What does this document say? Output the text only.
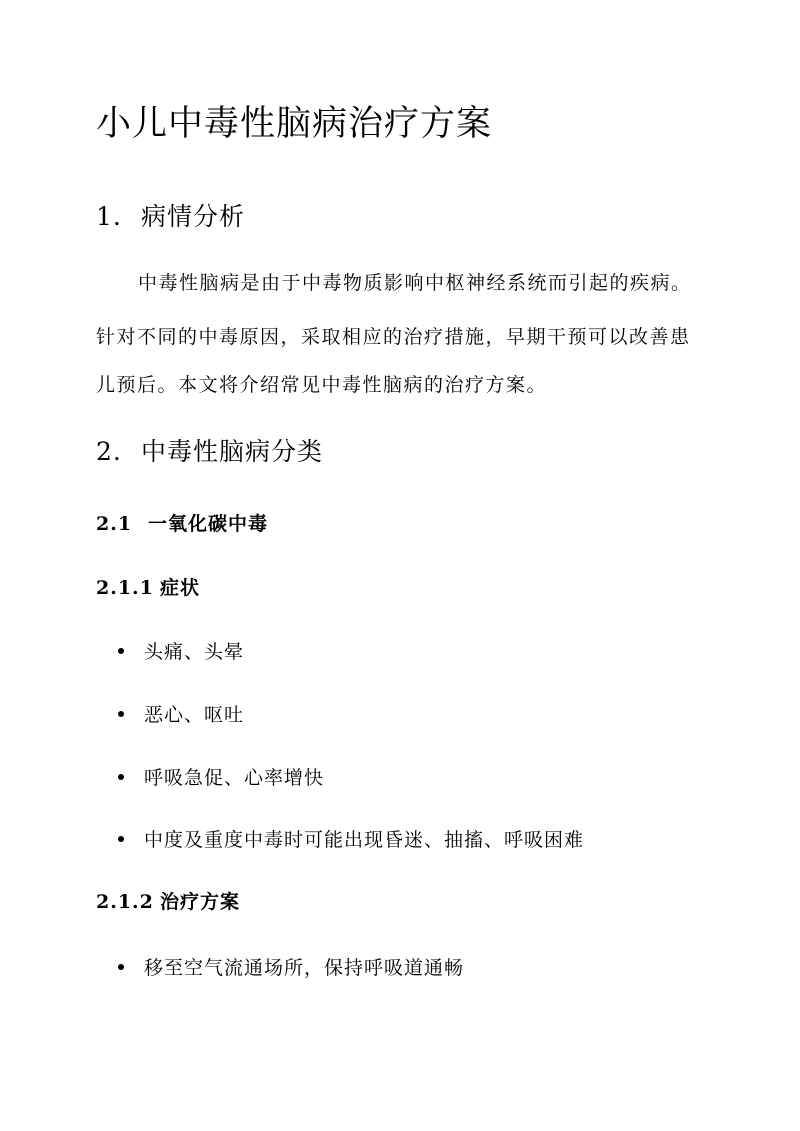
小儿中毒性脑病治疗方案
1. 病情分析

中毒性脑病是由于中毒物质影响中枢神经系统而引起的疾病。

针对不同的中毒原因，采取相应的治疗措施，早期干预可以改善患

儿预后。本文将介绍常见中毒性脑病的治疗方案。

2. 中毒性脑病分类
2.1 一氧化碳中毒
2.1.1 症状
头痛、头晕
恶心、呕吐
呼吸急促、心率增快
中度及重度中毒时可能出现昏迷、抽搐、呼吸困难
2.1.2 治疗方案
移至空气流通场所，保持呼吸道通畅
